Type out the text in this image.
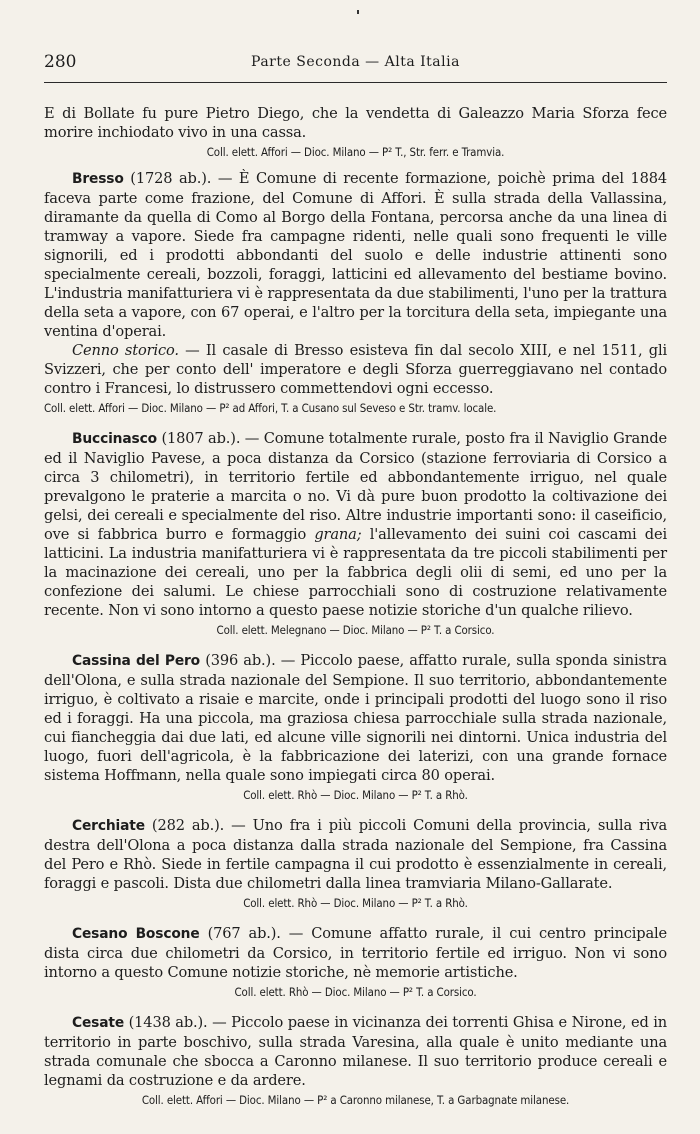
280	Parte Seconda — Alta Italia

E di Bollate fu pure Pietro Diego, che la vendetta di Galeazzo Maria Sforza fece morire inchiodato vivo in una cassa.

Coll. elett. Affori — Dioc. Milano — P² T., Str. ferr. e Tramvia.

Bresso (1728 ab.). — È Comune di recente formazione, poichè prima del 1884 faceva parte come frazione, del Comune di Affori. È sulla strada della Vallassina, diramante da quella di Como al Borgo della Fontana, percorsa anche da una linea di tramway a vapore. Siede fra campagne ridenti, nelle quali sono frequenti le ville signorili, ed i prodotti abbondanti del suolo e delle industrie attinenti sono specialmente cereali, bozzoli, foraggi, latticini ed allevamento del bestiame bovino. L'industria manifatturiera vi è rappresentata da due stabilimenti, l'uno per la trattura della seta a vapore, con 67 operai, e l'altro per la torcitura della seta, impiegante una ventina d'operai.

Cenno storico. — Il casale di Bresso esisteva fin dal secolo XIII, e nel 1511, gli Svizzeri, che per conto dell' imperatore e degli Sforza guerreggiavano nel contado contro i Francesi, lo distrussero commettendovi ogni eccesso.

Coll. elett. Affori — Dioc. Milano — P² ad Affori, T. a Cusano sul Seveso e Str. tramv. locale.

Buccinasco (1807 ab.). — Comune totalmente rurale, posto fra il Naviglio Grande ed il Naviglio Pavese, a poca distanza da Corsico (stazione ferroviaria di Corsico a circa 3 chilometri), in territorio fertile ed abbondantemente irriguo, nel quale prevalgono le praterie a marcita o no. Vi dà pure buon prodotto la coltivazione dei gelsi, dei cereali e specialmente del riso. Altre industrie importanti sono: il caseificio, ove si fabbrica burro e formaggio grana; l'allevamento dei suini coi cascami dei latticini. La industria manifatturiera vi è rappresentata da tre piccoli stabilimenti per la macinazione dei cereali, uno per la fabbrica degli olii di semi, ed uno per la confezione dei salumi. Le chiese parrocchiali sono di costruzione relativamente recente. Non vi sono intorno a questo paese notizie storiche d'un qualche rilievo.

Coll. elett. Melegnano — Dioc. Milano — P² T. a Corsico.

Cassina del Pero (396 ab.). — Piccolo paese, affatto rurale, sulla sponda sinistra dell'Olona, e sulla strada nazionale del Sempione. Il suo territorio, abbondantemente irriguo, è coltivato a risaie e marcite, onde i principali prodotti del luogo sono il riso ed i foraggi. Ha una piccola, ma graziosa chiesa parrocchiale sulla strada nazionale, cui fiancheggia dai due lati, ed alcune ville signorili nei dintorni. Unica industria del luogo, fuori dell'agricola, è la fabbricazione dei laterizi, con una grande fornace sistema Hoffmann, nella quale sono impiegati circa 80 operai.

Coll. elett. Rhò — Dioc. Milano — P² T. a Rhò.

Cerchiate (282 ab.). — Uno fra i più piccoli Comuni della provincia, sulla riva destra dell'Olona a poca distanza dalla strada nazionale del Sempione, fra Cassina del Pero e Rhò. Siede in fertile campagna il cui prodotto è essenzialmente in cereali, foraggi e pascoli. Dista due chilometri dalla linea tramviaria Milano-Gallarate.

Coll. elett. Rhò — Dioc. Milano — P² T. a Rhò.

Cesano Boscone (767 ab.). — Comune affatto rurale, il cui centro principale dista circa due chilometri da Corsico, in territorio fertile ed irriguo. Non vi sono intorno a questo Comune notizie storiche, nè memorie artistiche.

Coll. elett. Rhò — Dioc. Milano — P² T. a Corsico.

Cesate (1438 ab.). — Piccolo paese in vicinanza dei torrenti Ghisa e Nirone, ed in territorio in parte boschivo, sulla strada Varesina, alla quale è unito mediante una strada comunale che sbocca a Caronno milanese. Il suo territorio produce cereali e legnami da costruzione e da ardere.

Coll. elett. Affori — Dioc. Milano — P² a Caronno milanese, T. a Garbagnate milanese.
